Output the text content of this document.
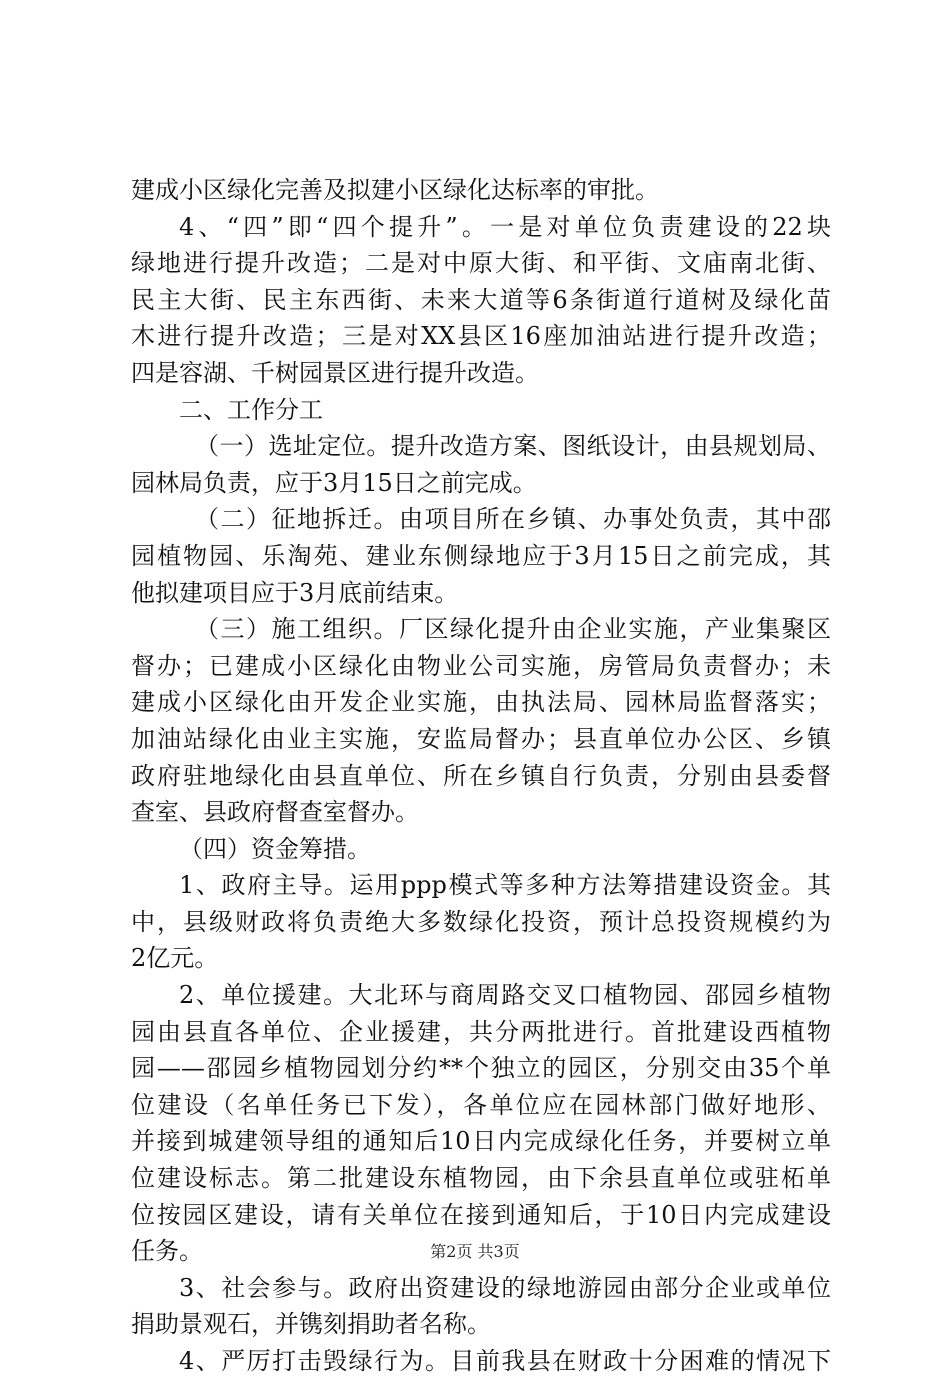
建成小区绿化完善及拟建小区绿化达标率的审批。
4、“四”即“四个提升”。一是对单位负责建设的22块
绿地进行提升改造；二是对中原大街、和平街、文庙南北街、
民主大街、民主东西街、未来大道等6条街道行道树及绿化苗
木进行提升改造；三是对XX县区16座加油站进行提升改造；
四是容湖、千树园景区进行提升改造。
二、工作分工
（一）选址定位。提升改造方案、图纸设计，由县规划局、
园林局负责，应于3月15日之前完成。
（二）征地拆迁。由项目所在乡镇、办事处负责，其中邵
园植物园、乐淘苑、建业东侧绿地应于3月15日之前完成，其
他拟建项目应于3月底前结束。
（三）施工组织。厂区绿化提升由企业实施，产业集聚区
督办；已建成小区绿化由物业公司实施，房管局负责督办；未
建成小区绿化由开发企业实施，由执法局、园林局监督落实；
加油站绿化由业主实施，安监局督办；县直单位办公区、乡镇
政府驻地绿化由县直单位、所在乡镇自行负责，分别由县委督
查室、县政府督查室督办。
（四）资金筹措。
1、政府主导。运用ppp模式等多种方法筹措建设资金。其
中，县级财政将负责绝大多数绿化投资，预计总投资规模约为
2亿元。
2、单位援建。大北环与商周路交叉口植物园、邵园乡植物
园由县直各单位、企业援建，共分两批进行。首批建设西植物
园——邵园乡植物园划分约**个独立的园区，分别交由35个单
位建设（名单任务已下发），各单位应在园林部门做好地形、
并接到城建领导组的通知后10日内完成绿化任务，并要树立单
位建设标志。第二批建设东植物园，由下余县直单位或驻柘单
位按园区建设，请有关单位在接到通知后，于10日内完成建设
任务。
3、社会参与。政府出资建设的绿地游园由部分企业或单位
捐助景观石，并镌刻捐助者名称。
4、严厉打击毁绿行为。目前我县在财政十分困难的情况下
第2页 共3页
